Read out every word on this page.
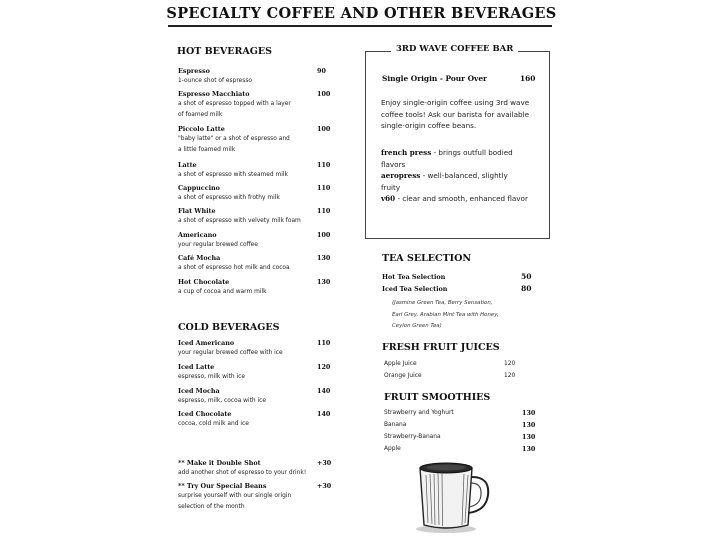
SPECIALTY COFFEE AND OTHER BEVERAGES
HOT BEVERAGES
Espresso	90
1-ounce shot of espresso
Espresso Macchiato	100
a shot of espresso topped with a layer
of foamed milk
Piccolo Latte	100
"baby latte" or a shot of espresso and
a little foamed milk
Latte	110
a shot of espresso with steamed milk
Cappuccino	110
a shot of espresso with frothy milk
Flat White	110
a shot of espresso with velvety milk foam
Americano	100
your regular brewed coffee
Café Mocha	130
a shot of espresso hot milk and cocoa
Hot Chocolate	130
a cup of cocoa and warm milk
COLD BEVERAGES
Iced Americano	110
your regular brewed coffee with ice
Iced Latte	120
espresso, milk with ice
Iced Mocha	140
espresso, milk, cocoa with ice
Iced Chocolate	140
cocoa, cold milk and ice
** Make it Double Shot	+30
add another shot of espresso to your drink!
** Try Our Special Beans	+30
surprise yourself with our single origin
selection of the month
3RD WAVE COFFEE BAR
Single Origin - Pour Over	160
Enjoy single-origin coffee using 3rd wave
coffee tools! Ask our barista for available
single-origin coffee beans.
french press - brings outfull bodied
flavors
aeropress - well-balanced, slightly
fruity
v60 - clear and smooth, enhanced flavor
TEA SELECTION
Hot Tea Selection	50
Iced Tea Selection	80
(Jasmine Green Tea, Berry Sensation,
Earl Grey, Arabian Mint Tea with Honey,
Ceylon Green Tea)
FRESH FRUIT JUICES
Apple Juice	120
Orange Juice	120
FRUIT SMOOTHIES
Strawberry and Yoghurt	130
Banana	130
Strawberry-Banana	130
Apple	130
